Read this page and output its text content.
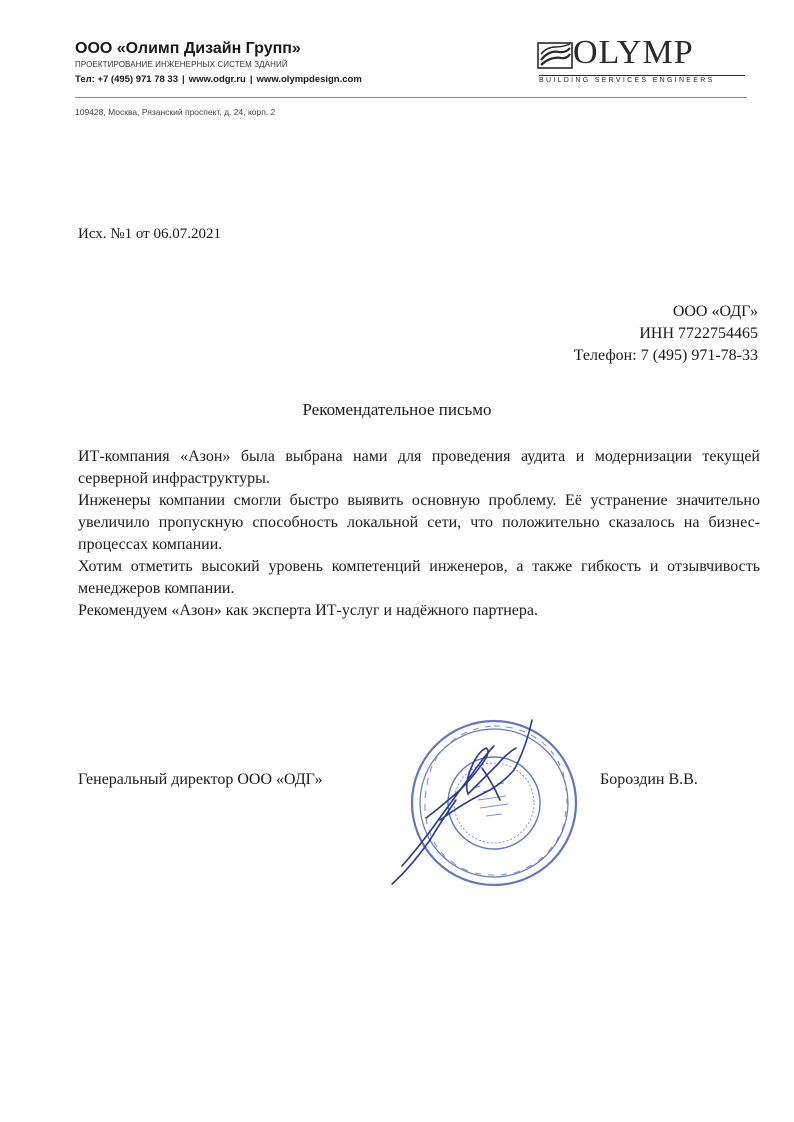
ООО «Олимп Дизайн Групп»
ПРОЕКТИРОВАНИЕ ИНЖЕНЕРНЫХ СИСТЕМ ЗДАНИЙ
Тел: +7 (495) 971 78 33 | www.odgr.ru | www.olympdesign.com
OLYMP
BUILDING SERVICES ENGINEERS
109428, Москва, Рязанский проспект, д. 24, корп. 2
Исх. №1 от 06.07.2021
ООО «ОДГ»
ИНН 7722754465
Телефон: 7 (495) 971-78-33
Рекомендательное письмо

ИТ-компания «Азон» была выбрана нами для проведения аудита и модернизации текущей серверной инфраструктуры.

Инженеры компании смогли быстро выявить основную проблему. Её устранение значительно увеличило пропускную способность локальной сети, что положительно сказалось на бизнес-процессах компании.

Хотим отметить высокий уровень компетенций инженеров, а также гибкость и отзывчивость менеджеров компании.

Рекомендуем «Азон» как эксперта ИТ-услуг и надёжного партнера.

Генеральный директор ООО «ОДГ»	Бороздин В.В.
